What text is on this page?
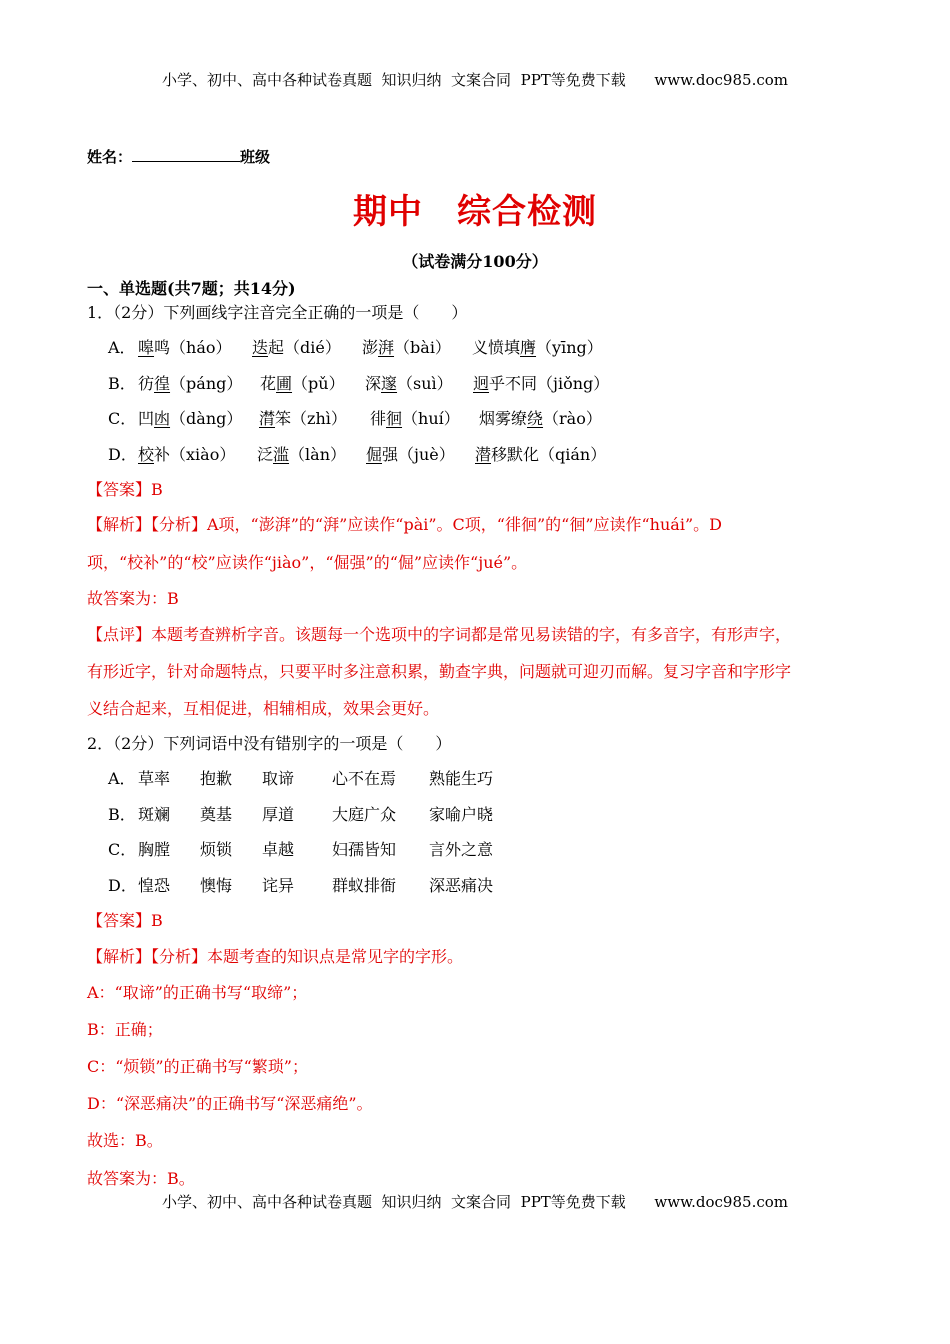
小学、初中、高中各种试卷真题  知识归纳  文案合同  PPT等免费下载      www.doc985.com
姓名：	班级
期中 综合检测
（试卷满分100分）
一、单选题(共7题；共14分)
1．（2分）下列画线字注音完全正确的一项是（　　）
A． 嗥鸣（háo） 迭起（dié） 澎湃（bài） 义愤填膺（yīng）
B． 彷徨（páng） 花圃（pǔ） 深邃（suì） 迥乎不同（jiǒng）
C． 凹凼（dàng） 潸笨（zhì） 徘徊（huí） 烟雾缭绕（rào）
D． 校补（xiào） 泛滥（làn） 倔强（juè） 潜移默化（qián）
【答案】B
【解析】【分析】A项，“澎湃”的“湃”应读作“pài”。C项，“徘徊”的“徊”应读作“huái”。D
项，“校补”的“校”应读作“jiào”，“倔强”的“倔”应读作“jué”。
故答案为：B
【点评】本题考查辨析字音。该题每一个选项中的字词都是常见易读错的字，有多音字，有形声字，
有形近字，针对命题特点，只要平时多注意积累，勤查字典，问题就可迎刃而解。复习字音和字形字
义结合起来，互相促进，相辅相成，效果会更好。
2．（2分）下列词语中没有错别字的一项是（　　）
A． 草率 抱歉 取谛 心不在焉 熟能生巧
B． 斑斓 奠基 厚道 大庭广众 家喻户晓
C． 胸膛 烦锁 卓越 妇孺皆知 言外之意
D． 惶恐 懊悔 诧异 群蚁排衙 深恶痛决
【答案】B
【解析】【分析】本题考查的知识点是常见字的字形。
A：“取谛”的正确书写“取缔”；
B：正确；
C：“烦锁”的正确书写“繁琐”；
D：“深恶痛决”的正确书写“深恶痛绝”。
故选：B。
故答案为：B。
小学、初中、高中各种试卷真题  知识归纳  文案合同  PPT等免费下载      www.doc985.com
